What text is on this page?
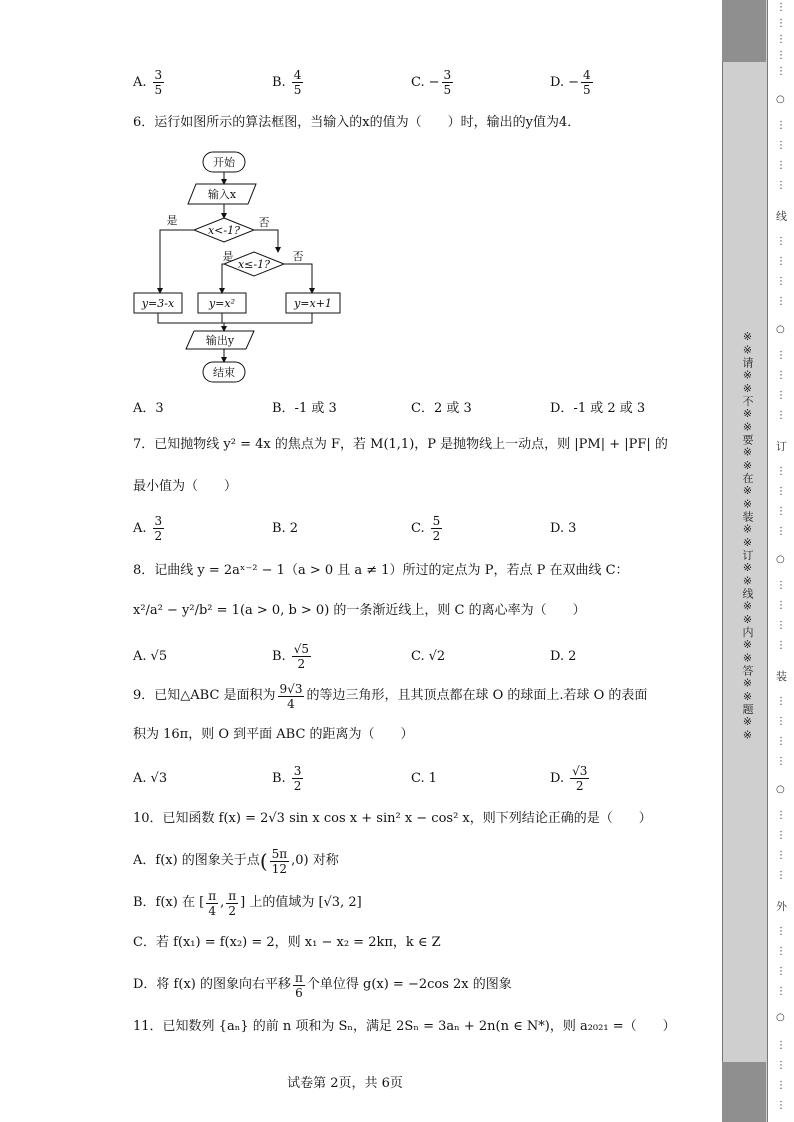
A. $\frac{3}{5}$	B. $\frac{4}{5}$	C. − $\frac{3}{5}$	D. − $\frac{4}{5}$
6．运行如图所示的算法框图，当输入的x的值为（　　）时，输出的y值为4．
开始
输入x
x<-1?
x≤-1?
是	否
是	否
y=3-x	y=x²	y=x+1
输出y
结束
A．3	B．-1 或 3	C．2 或 3	D．-1 或 2 或 3
7．已知抛物线 y² = 4x 的焦点为 F，若 M(1,1)，P 是抛物线上一动点，则 |PM| + |PF| 的
最小值为（　　）
A. $\frac{3}{2}$	B. 2	C. $\frac{5}{2}$	D. 3
8．记曲线 y = 2aˣ⁻² − 1（a > 0 且 a ≠ 1）所过的定点为 P，若点 P 在双曲线 C：
x²/a² − y²/b² = 1(a > 0, b > 0) 的一条渐近线上，则 C 的离心率为（　　）
A. √5	B. $\frac{√5}{2}$	C. √2	D. 2
9．已知△ABC 是面积为 $\frac{9√3}{4}$ 的等边三角形，且其顶点都在球 O 的球面上.若球 O 的表面
积为 16π，则 O 到平面 ABC 的距离为（　　）
A. √3	B. $\frac{3}{2}$	C. 1	D. $\frac{√3}{2}$
10．已知函数 f(x) = 2√3 sin x cos x + sin² x − cos² x，则下列结论正确的是（　　）
A．f(x) 的图象关于点 ( $\frac{5\pi}{12} ,0$) 对称
B．f(x) 在 [ $\frac{\pi}{4}$ , $\frac{\pi}{2}$ ] 上的值域为 [√3, 2]
C．若 f(x₁) = f(x₂) = 2，则 x₁ − x₂ = 2kπ，k ∈ Z
D．将 f(x) 的图象向右平移 $\frac{\pi}{6}$ 个单位得 g(x) = −2cos 2x 的图象
11．已知数列 {aₙ} 的前 n 项和为 Sₙ，满足 2Sₙ = 3aₙ + 2n(n ∈ N*)，则 a₂₀₂₁ =（　　）
试卷第 2页，共 6页
※※请※※不※※要※※在※※装※※订※※线※※内※※答※※题※※
⋮
⋮
⋮
⋮
⋮
○
⋮
⋮
⋮
⋮
线
⋮
⋮
⋮
⋮
○
⋮
⋮
⋮
⋮
订
⋮
⋮
⋮
⋮
○
⋮
⋮
⋮
⋮
装
⋮
⋮
⋮
⋮
○
⋮
⋮
⋮
⋮
外
⋮
⋮
⋮
⋮
○
⋮
⋮
⋮
⋮
